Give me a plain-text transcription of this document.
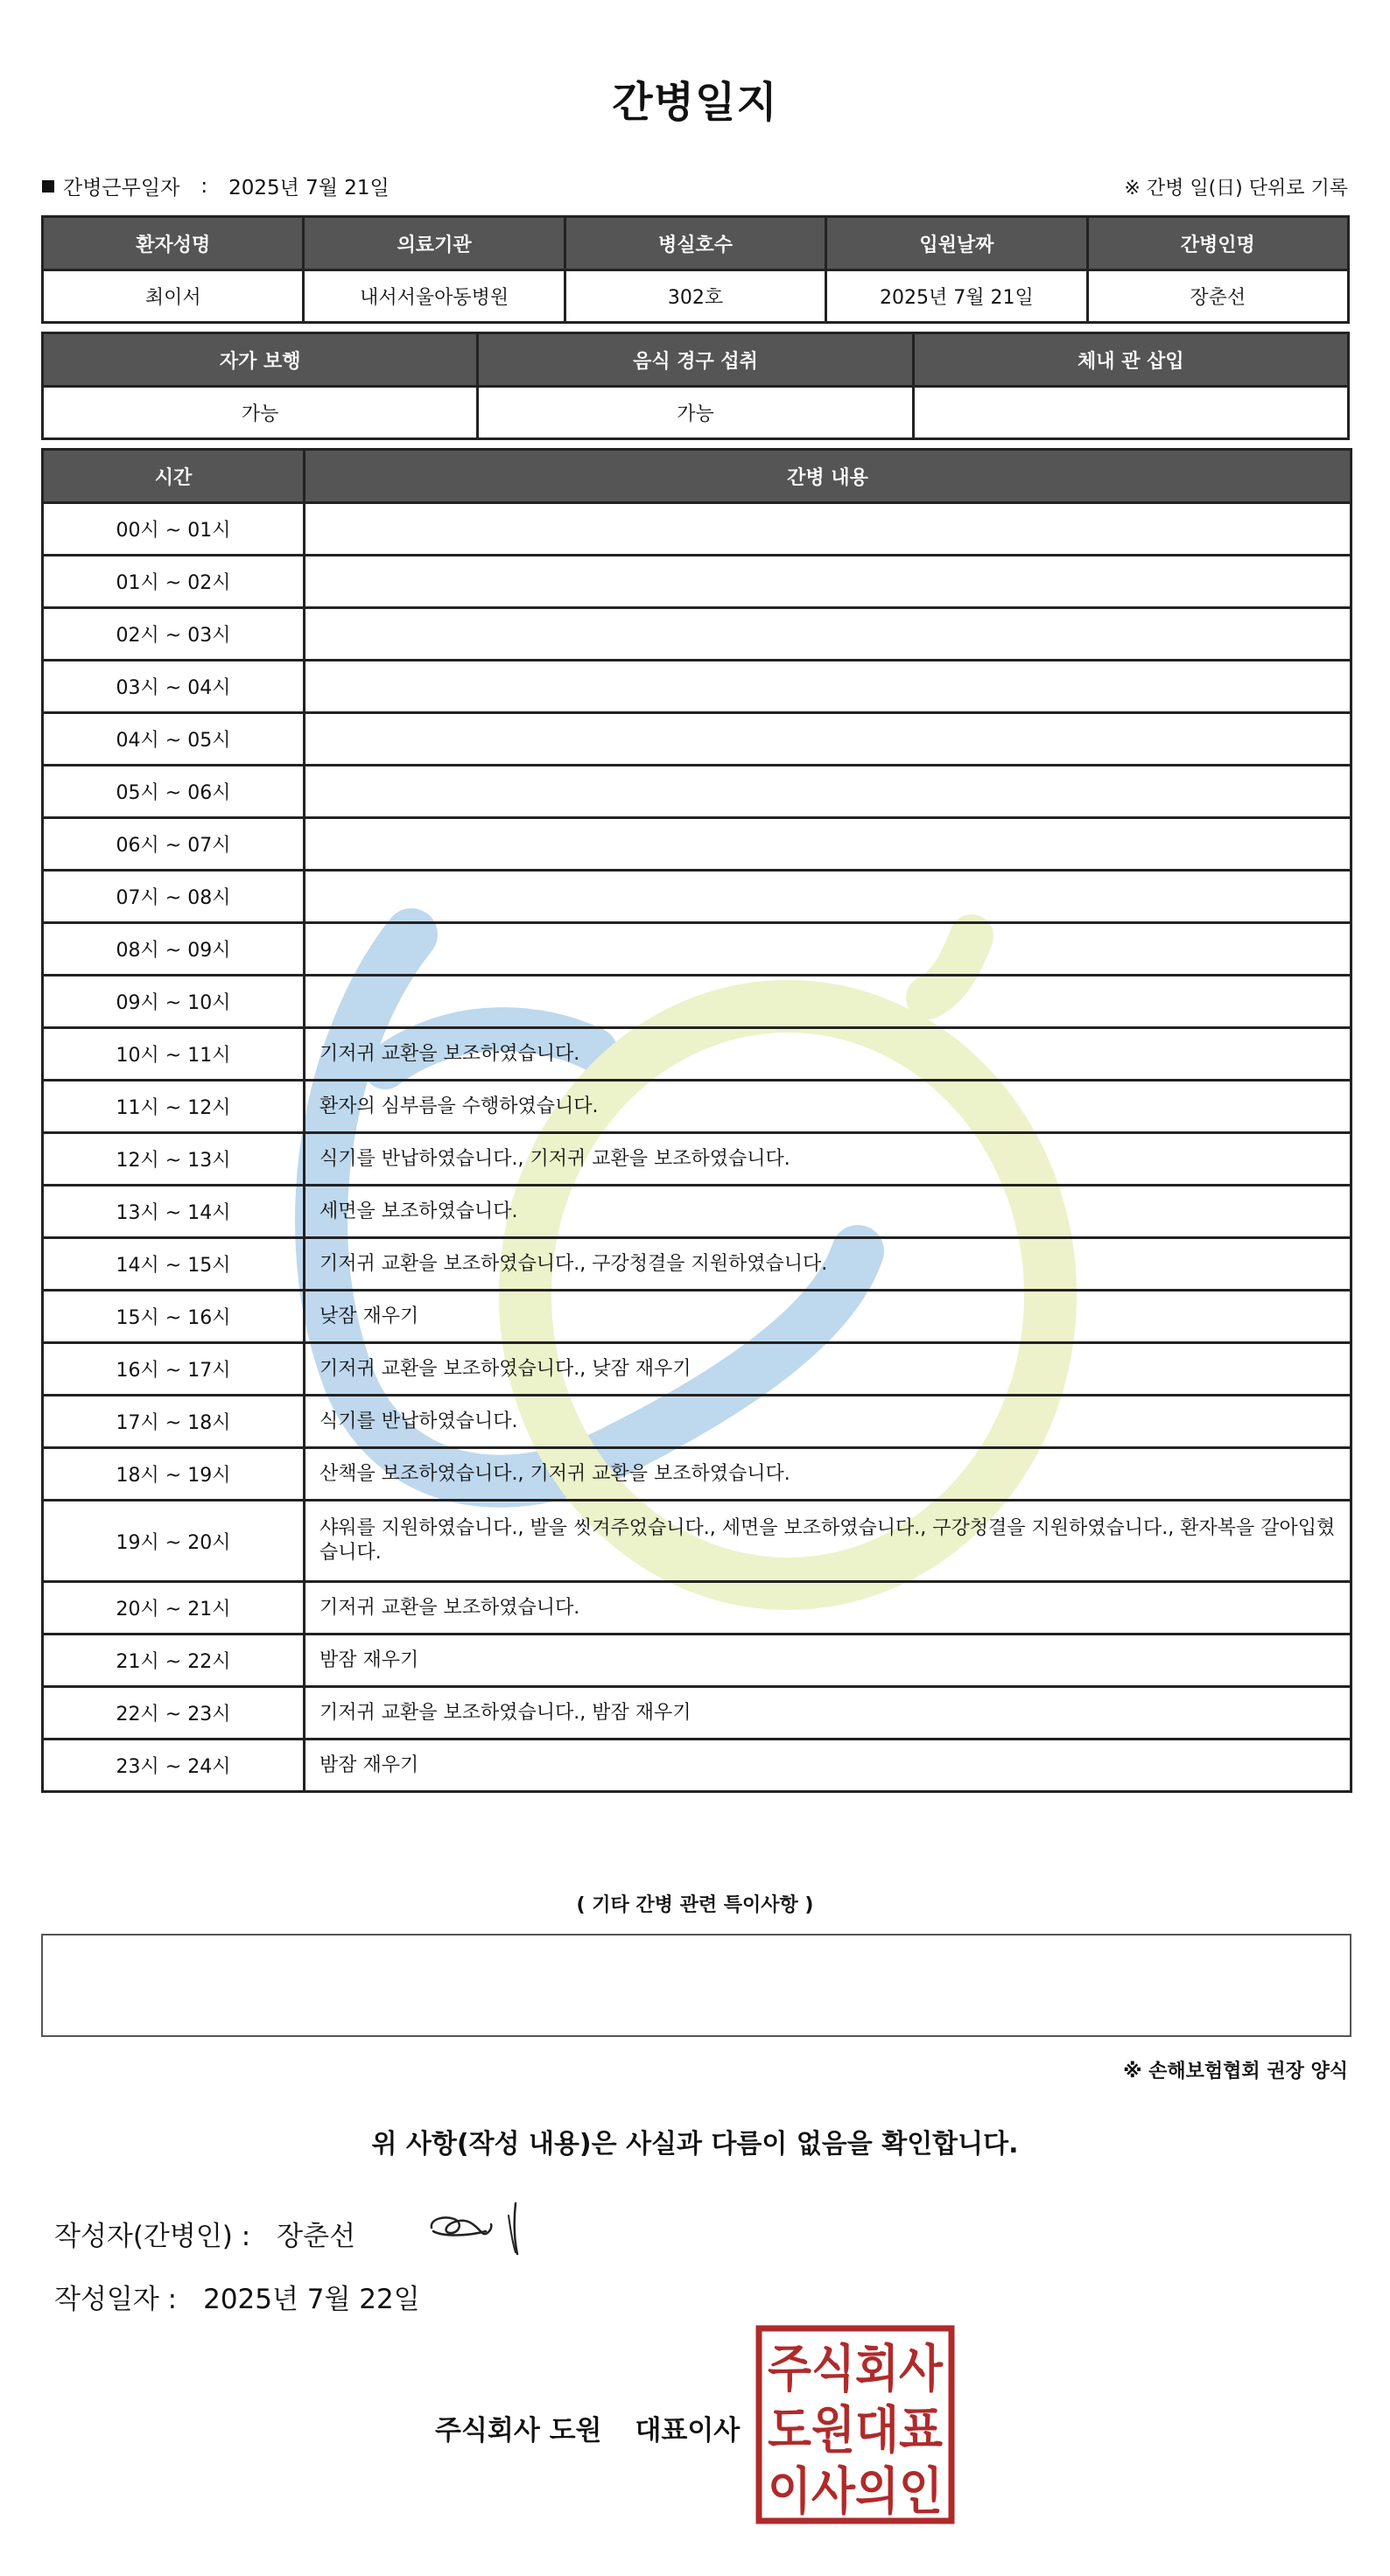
간병일지
간병근무일자 : 2025년 7월 21일	※ 간병 일(日) 단위로 기록
환자성명	의료기관	병실호수	입원날짜	간병인명
최이서	내서서울아동병원	302호	2025년 7월 21일	장춘선
자가 보행	음식 경구 섭취	체내 관 삽입
가능	가능	
시간	간병 내용
00시 ~ 01시	
01시 ~ 02시	
02시 ~ 03시	
03시 ~ 04시	
04시 ~ 05시	
05시 ~ 06시	
06시 ~ 07시	
07시 ~ 08시	
08시 ~ 09시	
09시 ~ 10시	
10시 ~ 11시	기저귀 교환을 보조하였습니다.
11시 ~ 12시	환자의 심부름을 수행하였습니다.
12시 ~ 13시	식기를 반납하였습니다., 기저귀 교환을 보조하였습니다.
13시 ~ 14시	세면을 보조하였습니다.
14시 ~ 15시	기저귀 교환을 보조하였습니다., 구강청결을 지원하였습니다.
15시 ~ 16시	낮잠 재우기
16시 ~ 17시	기저귀 교환을 보조하였습니다., 낮잠 재우기
17시 ~ 18시	식기를 반납하였습니다.
18시 ~ 19시	산책을 보조하였습니다., 기저귀 교환을 보조하였습니다.
19시 ~ 20시	샤워를 지원하였습니다., 발을 씻겨주었습니다., 세면을 보조하였습니다., 구강청결을 지원하였습니다., 환자복을 갈아입혔습니다.
20시 ~ 21시	기저귀 교환을 보조하였습니다.
21시 ~ 22시	밤잠 재우기
22시 ~ 23시	기저귀 교환을 보조하였습니다., 밤잠 재우기
23시 ~ 24시	밤잠 재우기
( 기타 간병 관련 특이사항 )
※ 손해보험협회 권장 양식
위 사항(작성 내용)은 사실과 다름이 없음을 확인합니다.
작성자(간병인) : 장춘선
작성일자 : 2025년 7월 22일
주식회사 도원 대표이사
주식회사
도원대표
이사의인
